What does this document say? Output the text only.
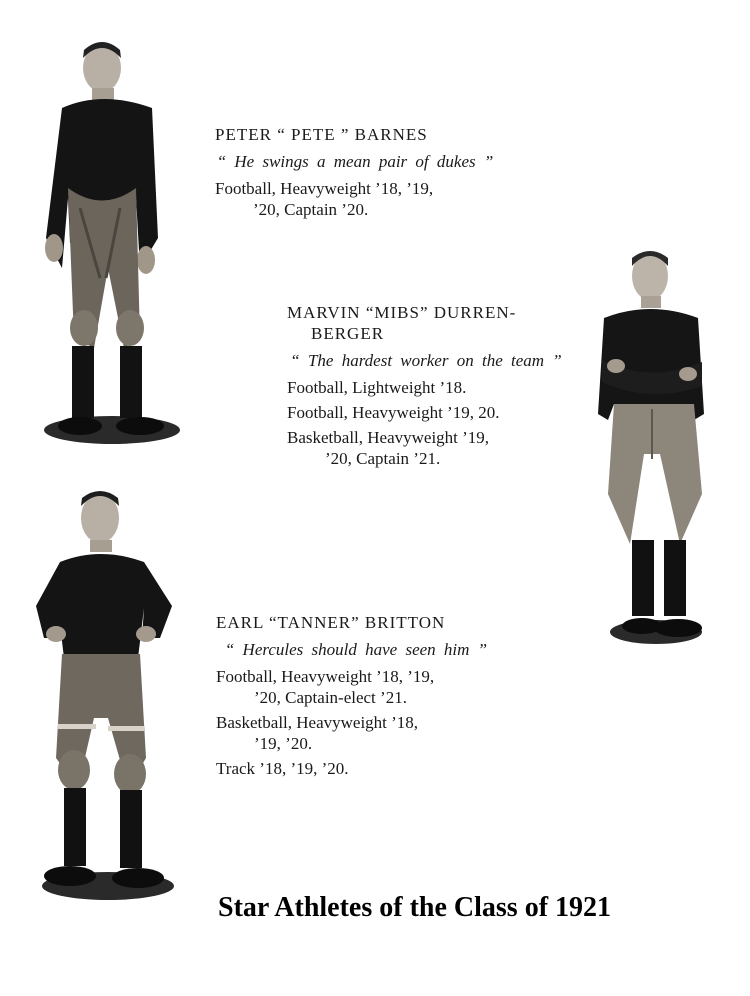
PETER “ PETE ” BARNES

“ He swings a mean pair of dukes ”

Football, Heavyweight ’18, ’19,
’20, Captain ’20.

MARVIN “MIBS” DURREN-
BERGER

“ The hardest worker on the team ”

Football, Lightweight ’18.

Football, Heavyweight ’19, 20.

Basketball, Heavyweight ’19,
’20, Captain ’21.

EARL “TANNER” BRITTON

“ Hercules should have seen him ”

Football, Heavyweight ’18, ’19,
’20, Captain-elect ’21.

Basketball, Heavyweight ’18,
’19, ’20.

Track ’18, ’19, ’20.

Star Athletes of the Class of 1921
